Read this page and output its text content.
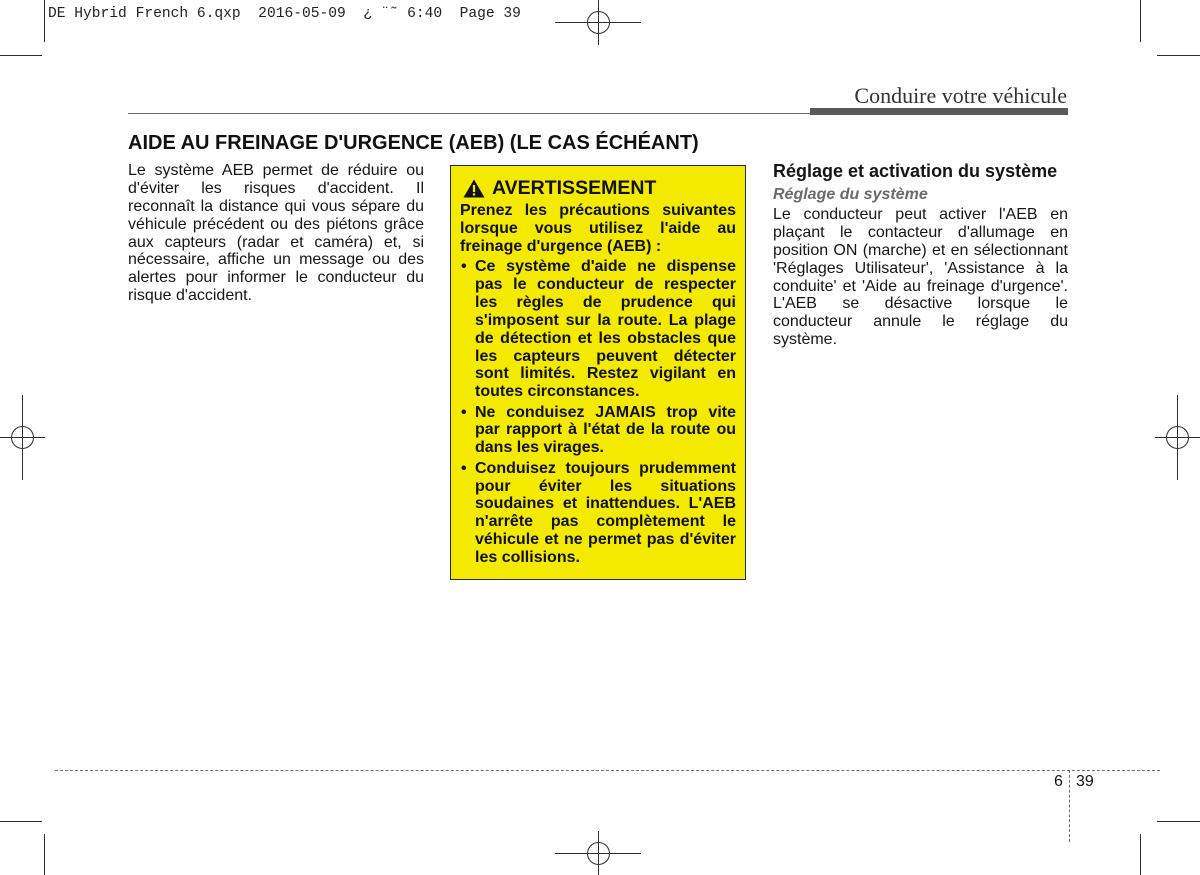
DE Hybrid French 6.qxp  2016-05-09  ¿ ¨˜ 6:40  Page 39
Conduire votre véhicule
AIDE AU FREINAGE D'URGENCE (AEB) (LE CAS ÉCHÉANT)
Le système AEB permet de réduire ou
d'éviter les risques d'accident. Il
reconnaît la distance qui vous sépare du
véhicule précédent ou des piétons grâce
aux capteurs (radar et caméra) et, si
nécessaire, affiche un message ou des
alertes pour informer le conducteur du
risque d'accident.
AVERTISSEMENT
Prenez les précautions suivantes
lorsque vous utilisez l'aide au
freinage d'urgence (AEB) :
• Ce système d'aide ne dispense
pas le conducteur de respecter
les règles de prudence qui
s'imposent sur la route. La plage
de détection et les obstacles que
les capteurs peuvent détecter
sont limités. Restez vigilant en
toutes circonstances.
• Ne conduisez JAMAIS trop vite
par rapport à l'état de la route ou
dans les virages.
• Conduisez toujours prudemment
pour éviter les situations
soudaines et inattendues. L'AEB
n'arrête pas complètement le
véhicule et ne permet pas d'éviter
les collisions.
Réglage et activation du système
Réglage du système
Le conducteur peut activer l'AEB en
plaçant le contacteur d'allumage en
position ON (marche) et en sélectionnant
'Réglages Utilisateur', 'Assistance à la
conduite' et 'Aide au freinage d'urgence'.
L'AEB se désactive lorsque le
conducteur annule le réglage du
système.
6 39
